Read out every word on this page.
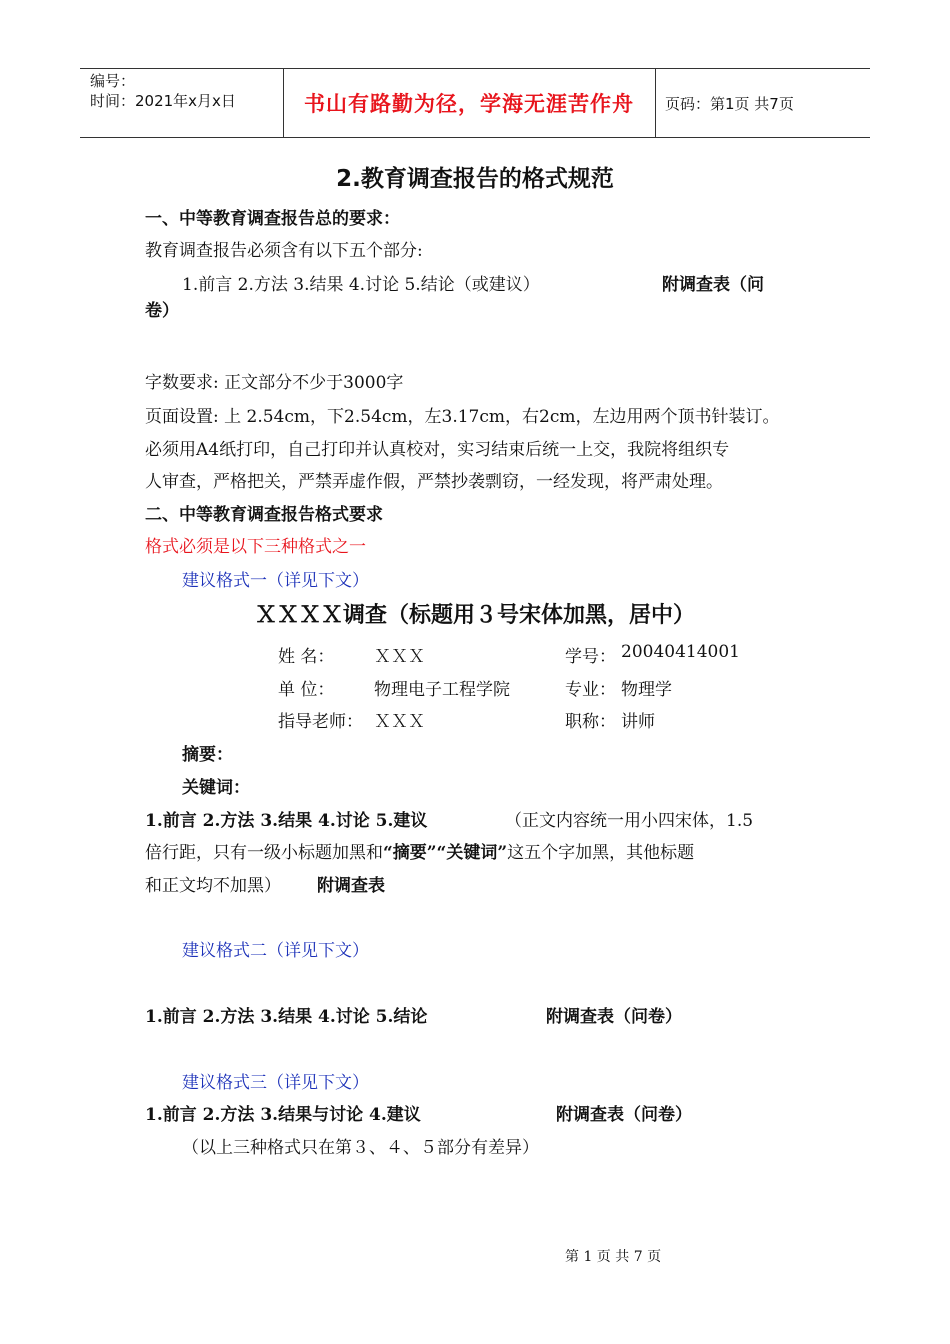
编号：
时间：2021年x月x日	书山有路勤为径，学海无涯苦作舟	页码：第1页 共7页
2.教育调查报告的格式规范
一、中等教育调查报告总的要求：
教育调查报告必须含有以下五个部分:
1.前言 2.方法 3.结果 4.讨论 5.结论（或建议）	附调查表（问
卷）
字数要求: 正文部分不少于3000字
页面设置: 上 2.54cm，下2.54cm，左3.17cm，右2cm，左边用两个顶书针装订。
必须用A4纸打印，自己打印并认真校对，实习结束后统一上交，我院将组织专
人审查，严格把关，严禁弄虚作假，严禁抄袭剽窃，一经发现，将严肃处理。
二、中等教育调查报告格式要求
格式必须是以下三种格式之一
建议格式一（详见下文）
ＸＸＸＸ调查（标题用３号宋体加黑，居中）
姓 名： ＸＸＸ	学号： 20040414001
单 位： 物理电子工程学院	专业： 物理学
指导老师： ＸＸＸ	职称： 讲师
摘要：
关键词：
1.前言 2.方法 3.结果 4.讨论 5.建议	（正文内容统一用小四宋体，1.5
倍行距，只有一级小标题加黑和“摘要”“关键词”这五个字加黑，其他标题
和正文均不加黑） 附调查表
建议格式二（详见下文）
1.前言 2.方法 3.结果 4.讨论 5.结论	附调查表（问卷）
建议格式三（详见下文）
1.前言 2.方法 3.结果与讨论 4.建议	附调查表（问卷）
（以上三种格式只在第３、４、５部分有差异）
第 1 页 共 7 页
